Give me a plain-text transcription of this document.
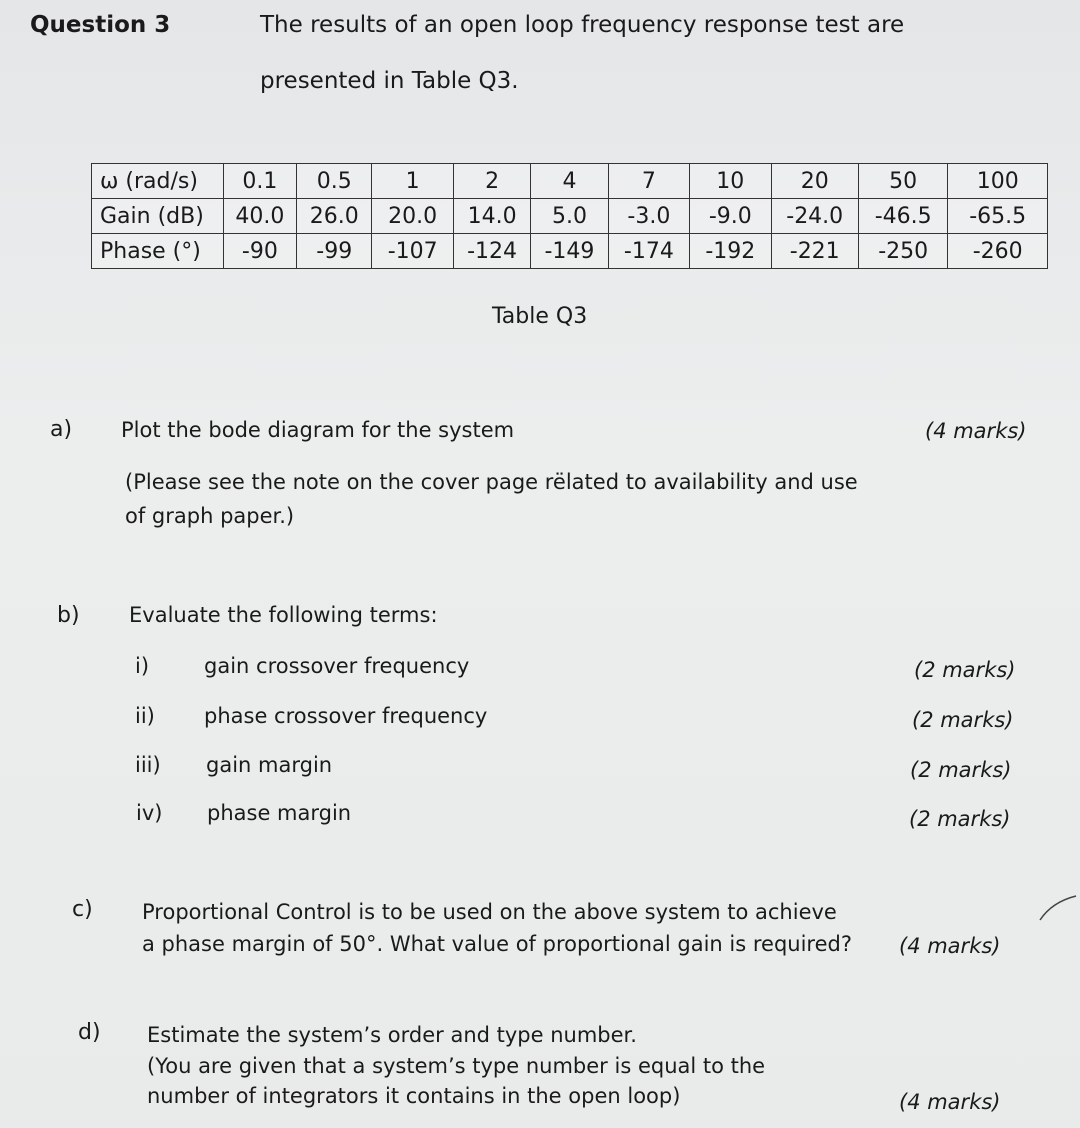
Question 3	The results of an open loop frequency response test are
presented in Table Q3.
ω (rad/s)	0.1	0.5	1	2	4	7	10	20	50	100
Gain (dB)	40.0	26.0	20.0	14.0	5.0	-3.0	-9.0	-24.0	-46.5	-65.5
Phase (°)	-90	-99	-107	-124	-149	-174	-192	-221	-250	-260
Table Q3
a) Plot the bode diagram for the system	(4 marks)
(Please see the note on the cover page rëlated to availability and use
of graph paper.)
b) Evaluate the following terms:
i)	gain crossover frequency	(2 marks)
ii) phase crossover frequency	(2 marks)
iii) gain margin	(2 marks)
iv) phase margin	(2 marks)
c) Proportional Control is to be used on the above system to achieve
a phase margin of 50°. What value of proportional gain is required? (4 marks)
d) Estimate the system’s order and type number.
(You are given that a system’s type number is equal to the
number of integrators it contains in the open loop)	(4 marks)
